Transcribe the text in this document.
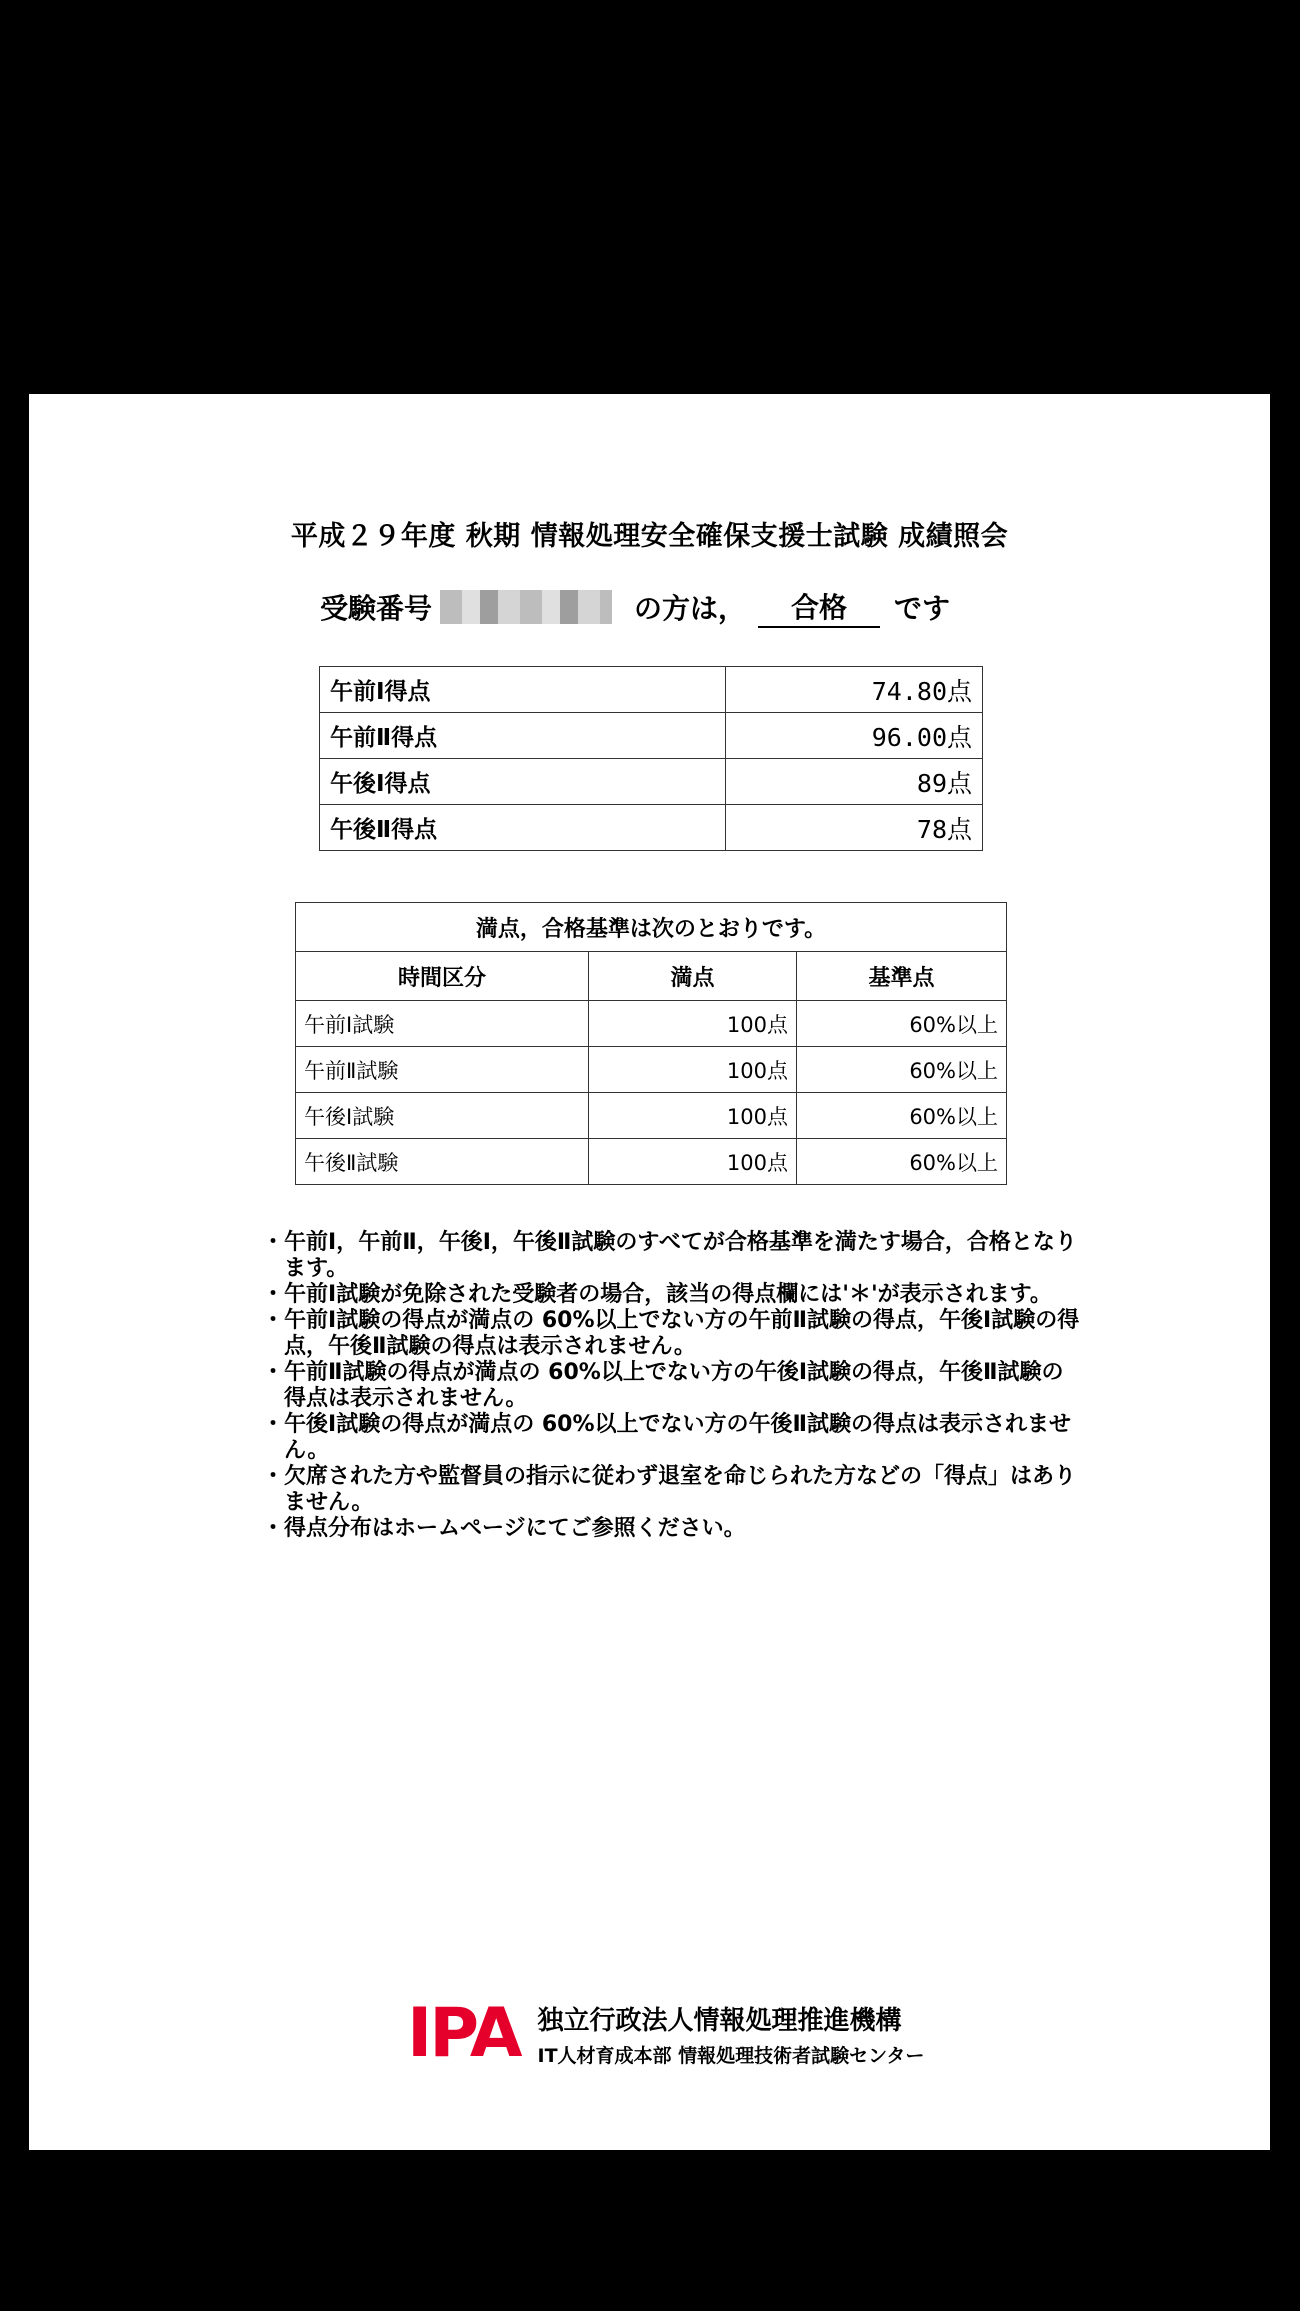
平成２９年度 秋期 情報処理安全確保支援士試験 成績照会
受験番号	の方は，	合格	です
午前Ⅰ得点	74.80点
午前Ⅱ得点	96.00点
午後Ⅰ得点	89点
午後Ⅱ得点	78点
満点，合格基準は次のとおりです。		
時間区分	満点	基準点
午前Ⅰ試験	100点	60%以上
午前Ⅱ試験	100点	60%以上
午後Ⅰ試験	100点	60%以上
午後Ⅱ試験	100点	60%以上
・ 午前Ⅰ，午前Ⅱ，午後Ⅰ，午後Ⅱ試験のすべてが合格基準を満たす場合，合格となります。
・ 午前Ⅰ試験が免除された受験者の場合，該当の得点欄には'＊'が表示されます。
・ 午前Ⅰ試験の得点が満点の 60%以上でない方の午前Ⅱ試験の得点，午後Ⅰ試験の得点，午後Ⅱ試験の得点は表示されません。
・ 午前Ⅱ試験の得点が満点の 60%以上でない方の午後Ⅰ試験の得点，午後Ⅱ試験の得点は表示されません。
・ 午後Ⅰ試験の得点が満点の 60%以上でない方の午後Ⅱ試験の得点は表示されません。
・ 欠席された方や監督員の指示に従わず退室を命じられた方などの「得点」はありません。
・ 得点分布はホームページにてご参照ください。
IPA 独立行政法人情報処理推進機構
IT人材育成本部 情報処理技術者試験センター
